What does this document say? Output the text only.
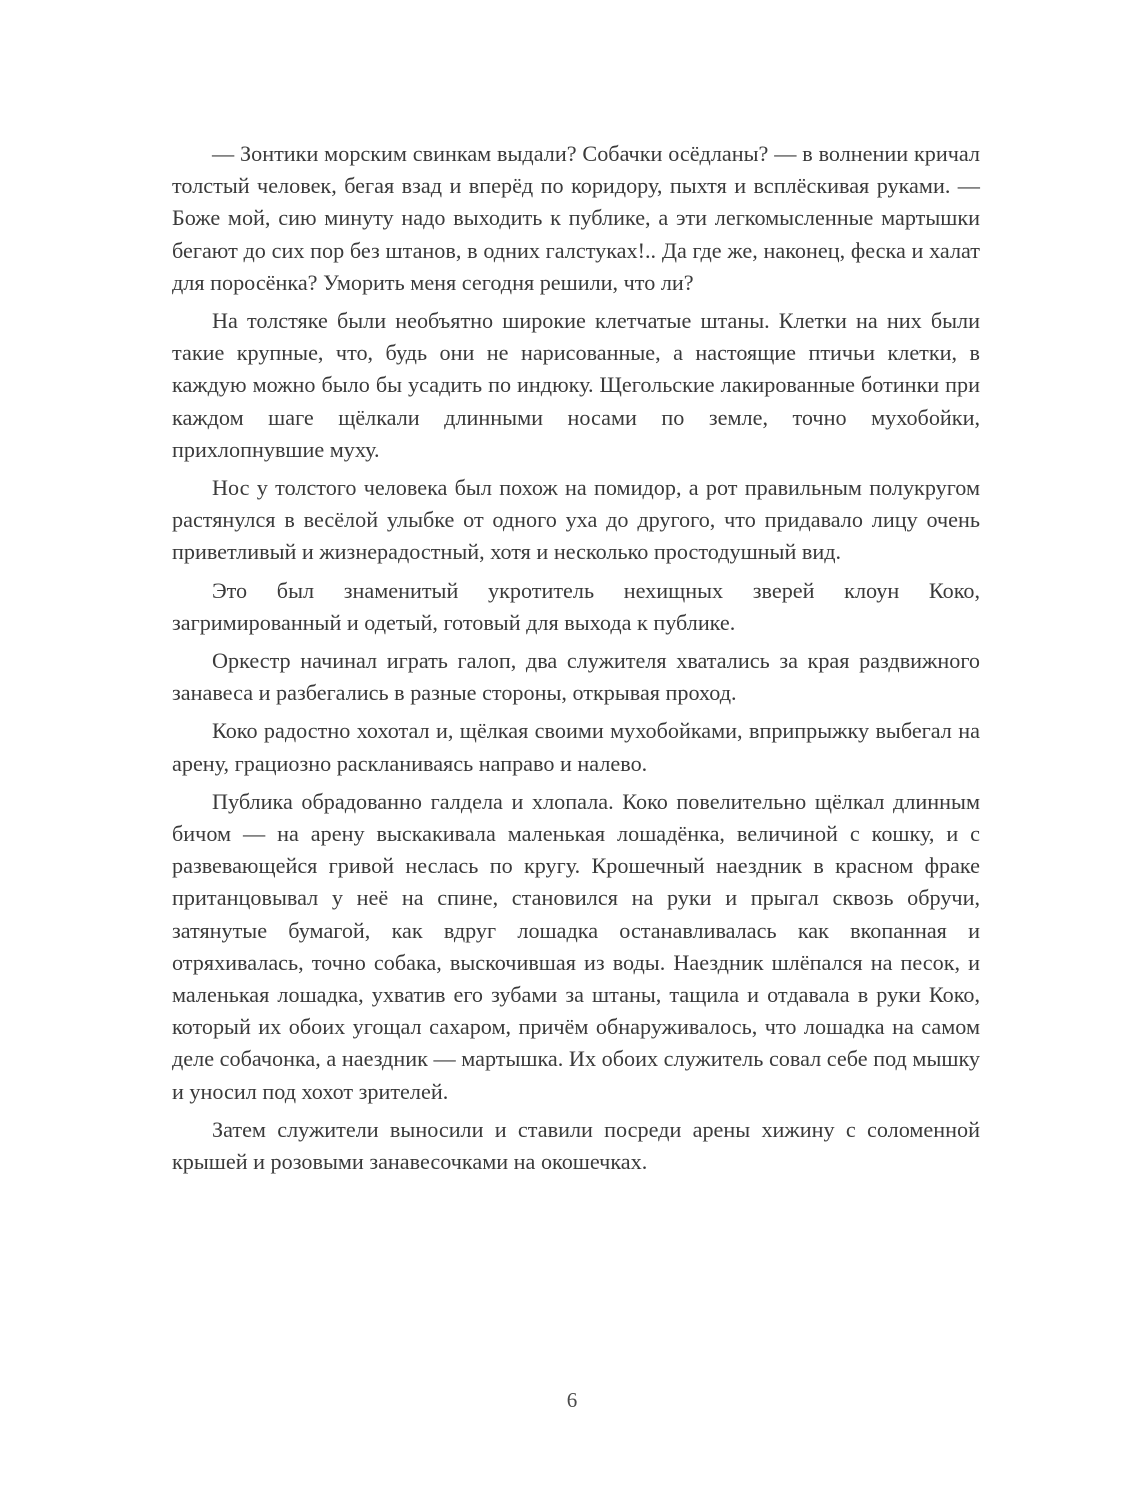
— Зонтики морским свинкам выдали? Собачки осёдланы? — в волнении кричал толстый человек, бегая взад и вперёд по коридору, пыхтя и всплёскивая руками. — Боже мой, сию минуту надо выходить к публике, а эти легкомысленные мартышки бегают до сих пор без штанов, в одних галстуках!.. Да где же, наконец, феска и халат для поросёнка? Уморить меня сегодня решили, что ли?

На толстяке были необъятно широкие клетчатые штаны. Клетки на них были такие крупные, что, будь они не нарисованные, а настоящие птичьи клетки, в каждую можно было бы усадить по индюку. Щегольские лакированные ботинки при каждом шаге щёлкали длинными носами по земле, точно мухобойки, прихлопнувшие муху.

Нос у толстого человека был похож на помидор, а рот правильным полукругом растянулся в весёлой улыбке от одного уха до другого, что придавало лицу очень приветливый и жизнерадостный, хотя и несколько простодушный вид.

Это был знаменитый укротитель нехищных зверей клоун Коко, загримированный и одетый, готовый для выхода к публике.

Оркестр начинал играть галоп, два служителя хватались за края раздвижного занавеса и разбегались в разные стороны, открывая проход.

Коко радостно хохотал и, щёлкая своими мухобойками, вприпрыжку выбегал на арену, грациозно раскланиваясь направо и налево.

Публика обрадованно галдела и хлопала. Коко повелительно щёлкал длинным бичом — на арену выскакивала маленькая лошадёнка, величиной с кошку, и с развевающейся гривой неслась по кругу. Крошечный наездник в красном фраке пританцовывал у неё на спине, становился на руки и прыгал сквозь обручи, затянутые бумагой, как вдруг лошадка останавливалась как вкопанная и отряхивалась, точно собака, выскочившая из воды. Наездник шлёпался на песок, и маленькая лошадка, ухватив его зубами за штаны, тащила и отдавала в руки Коко, который их обоих угощал сахаром, причём обнаруживалось, что лошадка на самом деле собачонка, а наездник — мартышка. Их обоих служитель совал себе под мышку и уносил под хохот зрителей.

Затем служители выносили и ставили посреди арены хижину с соломенной крышей и розовыми занавесочками на окошечках.

6
